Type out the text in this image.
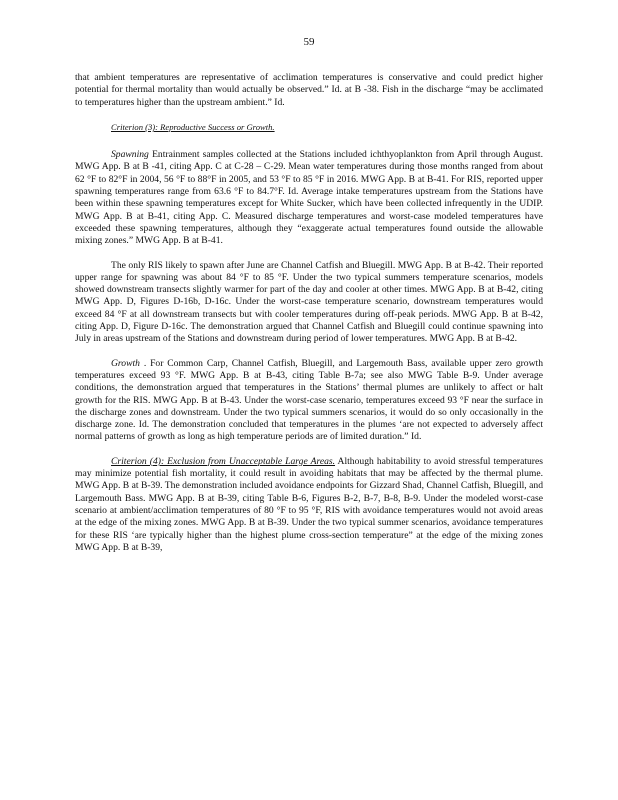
59

that ambient temperatures are representative of acclimation temperatures is conservative and could predict higher potential for thermal mortality than would actually be observed.” Id. at B -38. Fish in the discharge “may be acclimated to temperatures higher than the upstream ambient.” Id.

Criterion (3): Reproductive Success or Growth.

Spawning Entrainment samples collected at the Stations included ichthyoplankton from April through August. MWG App. B at B -41, citing App. C at C-28 – C-29. Mean water temperatures during those months ranged from about 62 °F to 82°F in 2004, 56 °F to 88°F in 2005, and 53 °F to 85 °F in 2016. MWG App. B at B-41. For RIS, reported upper spawning temperatures range from 63.6 °F to 84.7°F. Id. Average intake temperatures upstream from the Stations have been within these spawning temperatures except for White Sucker, which have been collected infrequently in the UDIP. MWG App. B at B-41, citing App. C. Measured discharge temperatures and worst-case modeled temperatures have exceeded these spawning temperatures, although they “exaggerate actual temperatures found outside the allowable mixing zones.” MWG App. B at B-41.

The only RIS likely to spawn after June are Channel Catfish and Bluegill. MWG App. B at B-42. Their reported upper range for spawning was about 84 °F to 85 °F. Under the two typical summers temperature scenarios, models showed downstream transects slightly warmer for part of the day and cooler at other times. MWG App. B at B-42, citing MWG App. D, Figures D-16b, D-16c. Under the worst-case temperature scenario, downstream temperatures would exceed 84 °F at all downstream transects but with cooler temperatures during off-peak periods. MWG App. B at B-42, citing App. D, Figure D-16c. The demonstration argued that Channel Catfish and Bluegill could continue spawning into July in areas upstream of the Stations and downstream during period of lower temperatures. MWG App. B at B-42.

Growth . For Common Carp, Channel Catfish, Bluegill, and Largemouth Bass, available upper zero growth temperatures exceed 93 °F. MWG App. B at B-43, citing Table B-7a; see also MWG Table B-9. Under average conditions, the demonstration argued that temperatures in the Stations’ thermal plumes are unlikely to affect or halt growth for the RIS. MWG App. B at B-43. Under the worst-case scenario, temperatures exceed 93 °F near the surface in the discharge zones and downstream. Under the two typical summers scenarios, it would do so only occasionally in the discharge zone. Id. The demonstration concluded that temperatures in the plumes ‘are not expected to adversely affect normal patterns of growth as long as high temperature periods are of limited duration.” Id.

Criterion (4): Exclusion from Unacceptable Large Areas. Although habitability to avoid stressful temperatures may minimize potential fish mortality, it could result in avoiding habitats that may be affected by the thermal plume. MWG App. B at B-39. The demonstration included avoidance endpoints for Gizzard Shad, Channel Catfish, Bluegill, and Largemouth Bass. MWG App. B at B-39, citing Table B-6, Figures B-2, B-7, B-8, B-9. Under the modeled worst-case scenario at ambient/acclimation temperatures of 80 °F to 95 °F, RIS with avoidance temperatures would not avoid areas at the edge of the mixing zones. MWG App. B at B-39. Under the two typical summer scenarios, avoidance temperatures for these RIS ‘are typically higher than the highest plume cross-section temperature” at the edge of the mixing zones MWG App. B at B-39,
